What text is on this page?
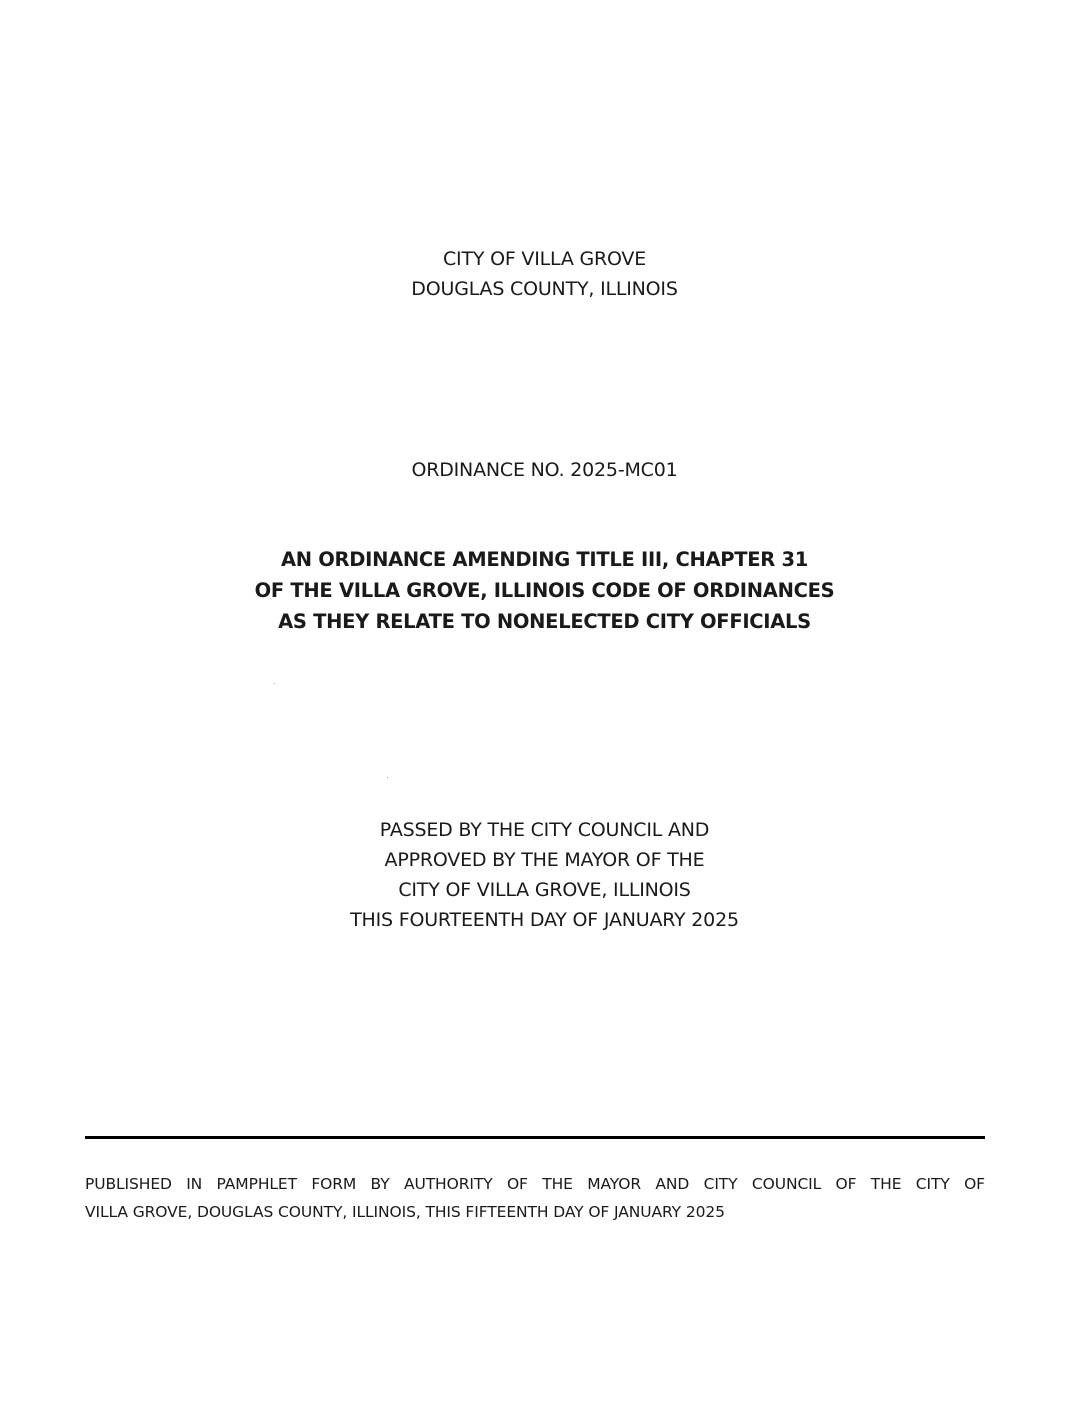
CITY OF VILLA GROVE
DOUGLAS COUNTY, ILLINOIS
ORDINANCE NO. 2025-MC01
AN ORDINANCE AMENDING TITLE III, CHAPTER 31
OF THE VILLA GROVE, ILLINOIS CODE OF ORDINANCES
AS THEY RELATE TO NONELECTED CITY OFFICIALS
PASSED BY THE CITY COUNCIL AND
APPROVED BY THE MAYOR OF THE
CITY OF VILLA GROVE, ILLINOIS
THIS FOURTEENTH DAY OF JANUARY 2025
PUBLISHED IN PAMPHLET FORM BY AUTHORITY OF THE MAYOR AND CITY COUNCIL OF THE CITY OF
VILLA GROVE, DOUGLAS COUNTY, ILLINOIS, THIS FIFTEENTH DAY OF JANUARY 2025
